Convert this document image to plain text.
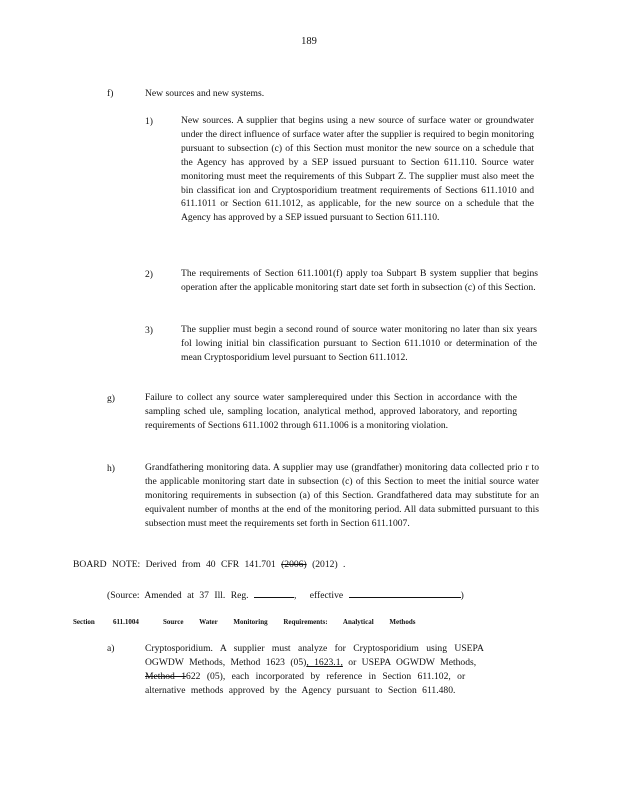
189
f)	New sources and new systems.
1)	New sources. A supplier that begins using a new source of surface water or groundwater under the direct influence of surface water after the supplier is required to begin monitoring pursuant to subsection (c) of this Section must monitor the new source on a schedule that the Agency has approved by a SEP issued pursuant to Section 611.110. Source water monitoring must meet the requirements of this Subpart Z. The supplier must also meet the bin classificat ion and Cryptosporidium treatment requirements of Sections 611.1010 and 611.1011 or Section 611.1012, as applicable, for the new source on a schedule that the Agency has approved by a SEP issued pursuant to Section 611.110.
2)	The requirements of Section 611.1001(f) apply toa Subpart B system supplier that begins operation after the applicable monitoring start date set forth in subsection (c) of this Section.
3)	The supplier must begin a second round of source water monitoring no later than six years fol lowing initial bin classification pursuant to Section 611.1010 or determination of the mean Cryptosporidium level pursuant to Section 611.1012.
g)	Failure to collect any source water samplerequired under this Section in accordance with the sampling sched ule, sampling location, analytical method, approved laboratory, and reporting requirements of Sections 611.1002 through 611.1006 is a monitoring violation.
h)	Grandfathering monitoring data. A supplier may use (grandfather) monitoring data collected prio r to the applicable monitoring start date in subsection (c) of this Section to meet the initial source water monitoring requirements in subsection (a) of this Section. Grandfathered data may substitute for an equivalent number of months at the end of the monitoring period. All data submitted pursuant to this subsection must meet the requirements set forth in Section 611.1007.
BOARD NOTE: Derived from 40 CFR 141.701 (2006) (2012) .
(Source: Amended at 37 Ill. Reg.	, effective	)
Section	611.1004	Source Water Monitoring Requirements: Analytical Methods
a)	Cryptosporidium. A supplier must analyze for Cryptosporidium using USEPA
OGWDW Methods, Method 1623 (05), 1623.1, or USEPA OGWDW Methods,
Method 1622 (05), each incorporated by reference in Section 611.102, or
alternative methods approved by the Agency pursuant to Section 611.480.
